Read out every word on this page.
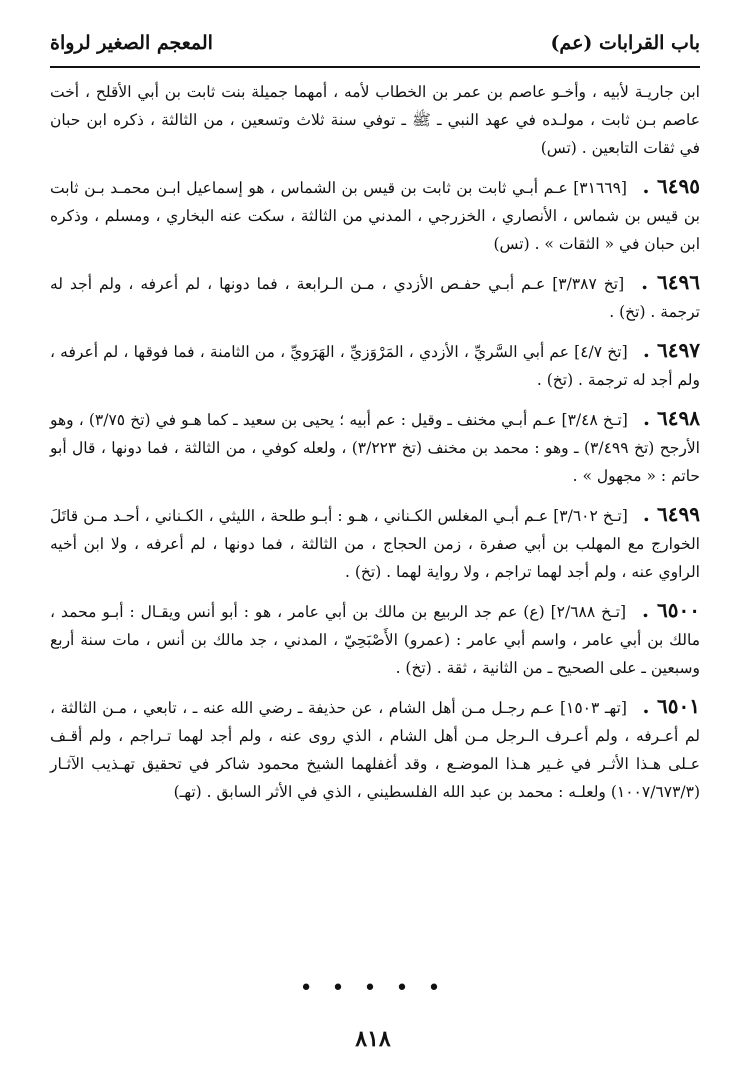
باب القرابات (عم)
المعجم الصغير لرواة

ابن جاريـة لأبيه ، وأخـو عاصم بن عمر بن الخطاب لأمه ، أمهما جميلة بنت ثابت بن أبي الأقلح ، أخت عاصم بـن ثابت ، مولـده في عهد النبي ـ ﷺ ـ توفي سنة ثلاث وتسعين ، من الثالثة ، ذكره ابن حبان في ثقات التابعين . (تس)

٦٤٩٥ . [٣١٦٦٩] عـم أبـي ثابت بن ثابت بن قيس بن الشماس ، هو إسماعيل ابـن محمـد بـن ثابت بن قيس بن شماس ، الأنصاري ، الخزرجي ، المدني من الثالثة ، سكت عنه البخاري ، ومسلم ، وذكره ابن حبان في « الثقات » . (تس)

٦٤٩٦ . [تخ ٣/٣٨٧] عـم أبـي حفـص الأزدي ، مـن الـرابعة ، فما دونها ، لم أعرفه ، ولم أجد له ترجمة . (تخ) .

٦٤٩٧ . [تخ ٤/٧] عم أبي السَّريِّ ، الأزدي ، المَرْوَزيِّ ، الهَرَويِّ ، من الثامنة ، فما فوقها ، لم أعرفه ، ولم أجد له ترجمة . (تخ) .

٦٤٩٨ . [تـخ ٣/٤٨] عـم أبـي مخنف ـ وقيل : عم أبيه ؛ يحيى بن سعيد ـ كما هـو في (تخ ٣/٧٥) ، وهو الأرجح (تخ ٣/٤٩٩) ـ وهو : محمد بن مخنف (تخ ٣/٢٢٣) ، ولعله كوفي ، من الثالثة ، فما دونها ، قال أبو حاتم : « مجهول » .

٦٤٩٩ . [تـخ ٣/٦٠٢] عـم أبـي المغلس الكـناني ، هـو : أبـو طلحة ، الليثي ، الكـناني ، أحـد مـن قاتَلَ الخوارج مع المهلب بن أبي صفرة ، زمن الحجاج ، من الثالثة ، فما دونها ، لم أعرفه ، ولا ابن أخيه الراوي عنه ، ولم أجد لهما تراجم ، ولا رواية لهما . (تخ) .

٦٥٠٠ . [تـخ ٢/٦٨٨] (ع) عم جد الربيع بن مالك بن أبي عامر ، هو : أبو أنس ويقـال : أبـو محمد ، مالك بن أبي عامر ، واسم أبي عامر : (عمرو) الأَصْبَحِيّ ، المدني ، جد مالك بن أنس ، مات سنة أربع وسبعين ـ على الصحيح ـ من الثانية ، ثقة . (تخ) .

٦٥٠١ . [تهـ ١٥٠٣] عـم رجـل مـن أهل الشام ، عن حذيفة ـ رضي الله عنه ـ ، تابعي ، مـن الثالثة ، لم أعـرفه ، ولم أعـرف الـرجل مـن أهل الشام ، الذي روى عنه ، ولم أجد لهما تـراجم ، ولم أقـف عـلى هـذا الأثـر في غـير هـذا الموضـع ، وقد أغفلهما الشيخ محمود شاكر في تحقيق تهـذيب الآثـار (١٠٠٧/٦٧٣/٣) ولعلـه : محمد بن عبد الله الفلسطيني ، الذي في الأثر السابق . (تهـ)

• • • • •
٨١٨
